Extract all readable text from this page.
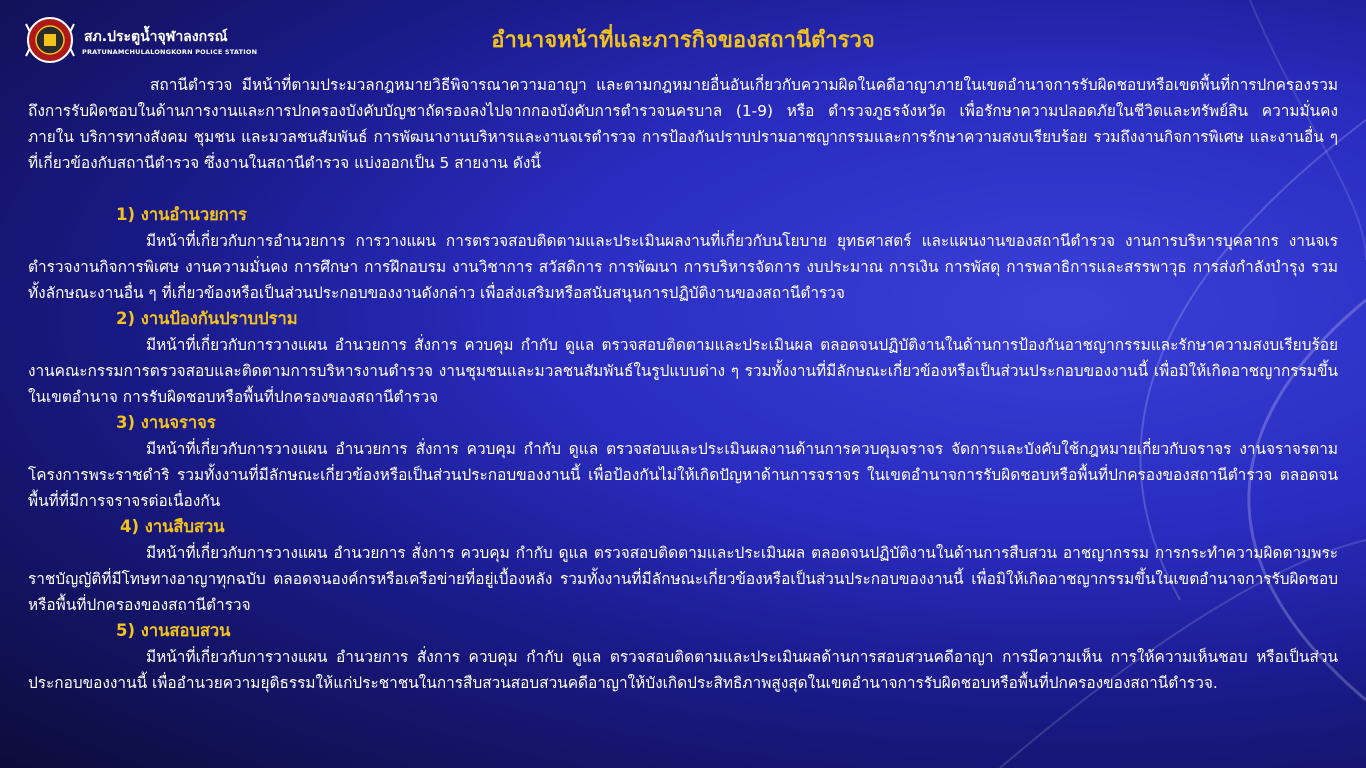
สภ.ประตูน้ำจุฬาลงกรณ์
PRATUNAMCHULALONGKORN POLICE STATION	อำนาจหน้าที่และภารกิจของสถานีตำรวจ

สถานีตำรวจ มีหน้าที่ตามประมวลกฎหมายวิธีพิจารณาความอาญา และตามกฎหมายอื่นอันเกี่ยวกับความผิดในคดีอาญาภายในเขตอำนาจการรับผิดชอบหรือเขตพื้นที่การปกครองรวมถึงการรับผิดชอบในด้านการงานและการปกครองบังคับบัญชาถัดรองลงไปจากกองบังคับการตำรวจนครบาล (1-9) หรือ ตำรวจภูธรจังหวัด เพื่อรักษาความปลอดภัยในชีวิตและทรัพย์สิน ความมั่นคงภายใน บริการทางสังคม ชุมชน และมวลชนสัมพันธ์ การพัฒนางานบริหารและงานจเรตำรวจ การป้องกันปราบปรามอาชญากรรมและการรักษาความสงบเรียบร้อย รวมถึงงานกิจการพิเศษ และงานอื่น ๆ ที่เกี่ยวข้องกับสถานีตำรวจ ซึ่งงานในสถานีตำรวจ แบ่งออกเป็น 5 สายงาน ดังนี้

1) งานอำนวยการ

มีหน้าที่เกี่ยวกับการอำนวยการ การวางแผน การตรวจสอบติดตามและประเมินผลงานที่เกี่ยวกับนโยบาย ยุทธศาสตร์ และแผนงานของสถานีตำรวจ งานการบริหารบุคลากร งานจเรตำรวจงานกิจการพิเศษ งานความมั่นคง การศึกษา การฝึกอบรม งานวิชาการ สวัสดิการ การพัฒนา การบริหารจัดการ งบประมาณ การเงิน การพัสดุ การพลาธิการและสรรพาวุธ การส่งกำลังบำรุง รวมทั้งลักษณะงานอื่น ๆ ที่เกี่ยวข้องหรือเป็นส่วนประกอบของงานดังกล่าว เพื่อส่งเสริมหรือสนับสนุนการปฏิบัติงานของสถานีตำรวจ

2) งานป้องกันปราบปราม

มีหน้าที่เกี่ยวกับการวางแผน อำนวยการ สั่งการ ควบคุม กำกับ ดูแล ตรวจสอบติดตามและประเมินผล ตลอดจนปฏิบัติงานในด้านการป้องกันอาชญากรรมและรักษาความสงบเรียบร้อยงานคณะกรรมการตรวจสอบและติดตามการบริหารงานตำรวจ งานชุมชนและมวลชนสัมพันธ์ในรูปแบบต่าง ๆ รวมทั้งงานที่มีลักษณะเกี่ยวข้องหรือเป็นส่วนประกอบของงานนี้ เพื่อมิให้เกิดอาชญากรรมขึ้นในเขตอำนาจ การรับผิดชอบหรือพื้นที่ปกครองของสถานีตำรวจ

3) งานจราจร

มีหน้าที่เกี่ยวกับการวางแผน อำนวยการ สั่งการ ควบคุม กำกับ ดูแล ตรวจสอบและประเมินผลงานด้านการควบคุมจราจร จัดการและบังคับใช้กฎหมายเกี่ยวกับจราจร งานจราจรตามโครงการพระราชดำริ รวมทั้งงานที่มีลักษณะเกี่ยวข้องหรือเป็นส่วนประกอบของงานนี้ เพื่อป้องกันไม่ให้เกิดปัญหาด้านการจราจร ในเขตอำนาจการรับผิดชอบหรือพื้นที่ปกครองของสถานีตำรวจ ตลอดจนพื้นที่ที่มีการจราจรต่อเนื่องกัน

4) งานสืบสวน

มีหน้าที่เกี่ยวกับการวางแผน อำนวยการ สั่งการ ควบคุม กำกับ ดูแล ตรวจสอบติดตามและประเมินผล ตลอดจนปฏิบัติงานในด้านการสืบสวน อาชญากรรม การกระทำความผิดตามพระราชบัญญัติที่มีโทษทางอาญาทุกฉบับ ตลอดจนองค์กรหรือเครือข่ายที่อยู่เบื้องหลัง รวมทั้งงานที่มีลักษณะเกี่ยวข้องหรือเป็นส่วนประกอบของงานนี้ เพื่อมิให้เกิดอาชญากรรมขึ้นในเขตอำนาจการรับผิดชอบหรือพื้นที่ปกครองของสถานีตำรวจ

5) งานสอบสวน

มีหน้าที่เกี่ยวกับการวางแผน อำนวยการ สั่งการ ควบคุม กำกับ ดูแล ตรวจสอบติดตามและประเมินผลด้านการสอบสวนคดีอาญา การมีความเห็น การให้ความเห็นชอบ หรือเป็นส่วนประกอบของงานนี้ เพื่ออำนวยความยุติธรรมให้แก่ประชาชนในการสืบสวนสอบสวนคดีอาญาให้บังเกิดประสิทธิภาพสูงสุดในเขตอำนาจการรับผิดชอบหรือพื้นที่ปกครองของสถานีตำรวจ.
